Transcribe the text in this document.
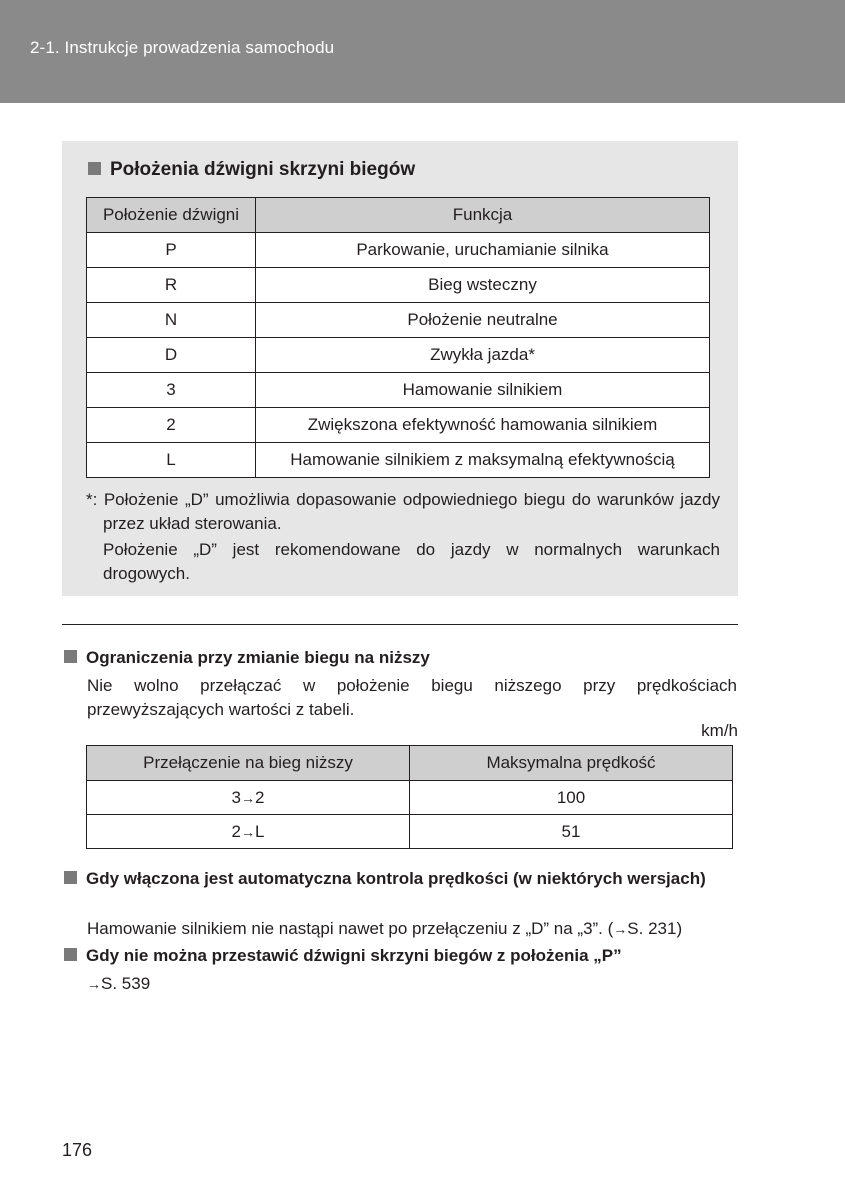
2-1. Instrukcje prowadzenia samochodu
Położenia dźwigni skrzyni biegów
Położenie dźwigni	Funkcja
P	Parkowanie, uruchamianie silnika
R	Bieg wsteczny
N	Położenie neutralne
D	Zwykła jazda*
3	Hamowanie silnikiem
2	Zwiększona efektywność hamowania silnikiem
L	Hamowanie silnikiem z maksymalną efektywnością
*: Położenie „D” umożliwia dopasowanie odpowiedniego biegu do warunków jazdy przez układ sterowania.
Położenie „D” jest rekomendowane do jazdy w normalnych warunkach drogowych.
Ograniczenia przy zmianie biegu na niższy
Nie wolno przełączać w położenie biegu niższego przy prędkościach przewyższających wartości z tabeli.
km/h
Przełączenie na bieg niższy	Maksymalna prędkość
3→2	100
2→L	51
Gdy włączona jest automatyczna kontrola prędkości (w niektórych wersjach)
Hamowanie silnikiem nie nastąpi nawet po przełączeniu z „D” na „3”. (→S. 231)
Gdy nie można przestawić dźwigni skrzyni biegów z położenia „P”
→S. 539
176
